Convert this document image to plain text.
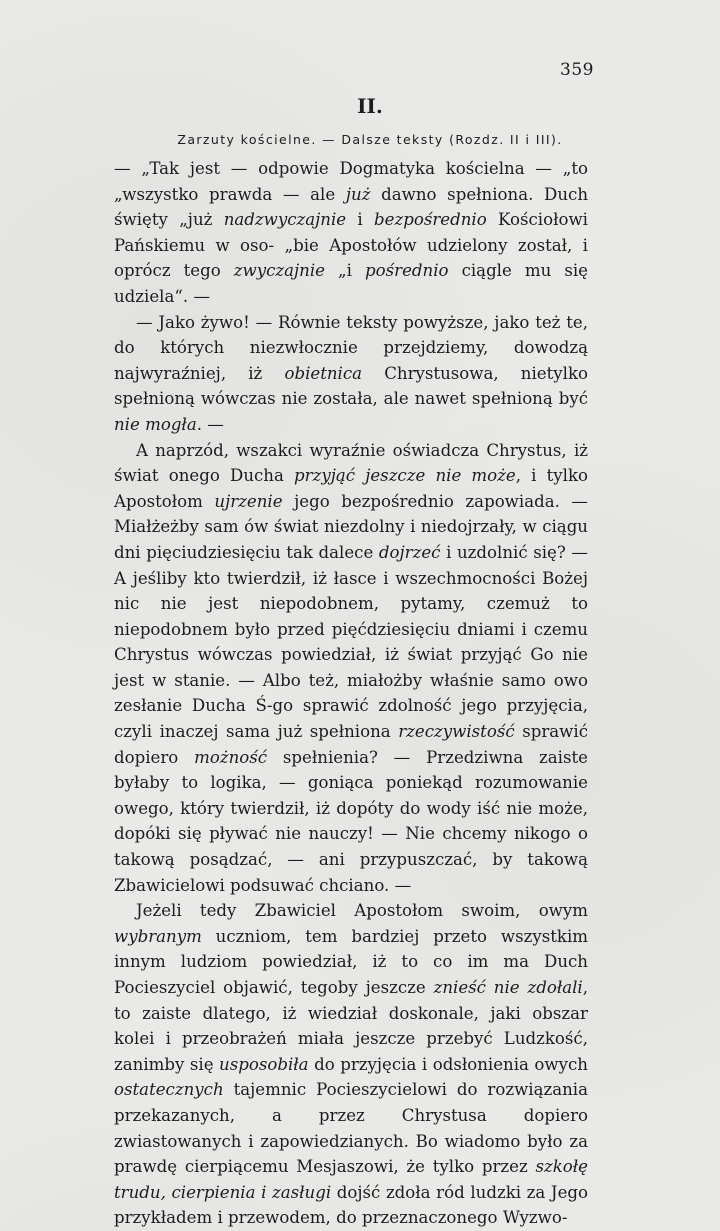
359
II.
Zarzuty kościelne. — Dalsze teksty (Rozdz. II i III).

— „Tak jest — odpowie Dogmatyka kościelna — „to „wszystko prawda — ale już dawno spełniona. Duch święty „już nadzwyczajnie i bezpośrednio Kościołowi Pańskiemu w oso- „bie Apostołów udzielony został, i oprócz tego zwyczajnie „i pośrednio ciągle mu się udziela“. —

— Jako żywo! — Równie teksty powyższe, jako też te, do których niezwłocznie przejdziemy, dowodzą najwyraźniej, iż obietnica Chrystusowa, nietylko spełnioną wówczas nie została, ale nawet spełnioną być nie mogła. —

A naprzód, wszakci wyraźnie oświadcza Chrystus, iż świat onego Ducha przyjąć jeszcze nie może, i tylko Apostołom ujrzenie jego bezpośrednio zapowiada. — Miałżeżby sam ów świat niezdolny i niedojrzały, w ciągu dni pięciudziesięciu tak dalece dojrzeć i uzdolnić się? — A jeśliby kto twierdził, iż łasce i wszechmocności Bożej nic nie jest niepodobnem, pytamy, czemuż to niepodobnem było przed pięćdziesięciu dniami i czemu Chrystus wówczas powiedział, iż świat przyjąć Go nie jest w stanie. — Albo też, miałożby właśnie samo owo zesłanie Ducha Ś-go sprawić zdolność jego przyjęcia, czyli inaczej sama już spełniona rzeczywistość sprawić dopiero możność spełnienia? — Przedziwna zaiste byłaby to logika, — goniąca poniekąd rozumowanie owego, który twierdził, iż dopóty do wody iść nie może, dopóki się pływać nie nauczy! — Nie chcemy nikogo o takową posądzać, — ani przypuszczać, by takową Zbawicielowi podsuwać chciano. —

Jeżeli tedy Zbawiciel Apostołom swoim, owym wybranym uczniom, tem bardziej przeto wszystkim innym ludziom powiedział, iż to co im ma Duch Pocieszyciel objawić, tegoby jeszcze znieść nie zdołali, to zaiste dlatego, iż wiedział doskonale, jaki obszar kolei i przeobrażeń miała jeszcze przebyć Ludzkość, zanimby się usposobiła do przyjęcia i odsłonienia owych ostatecznych tajemnic Pocieszycielowi do rozwiązania przekazanych, a przez Chrystusa dopiero zwiastowanych i zapowiedzianych. Bo wiadomo było za prawdę cierpiącemu Mesjaszowi, że tylko przez szkołę trudu, cierpienia i zasługi dojść zdoła ród ludzki za Jego przykładem i przewodem, do przeznaczonego Wyzwo-
